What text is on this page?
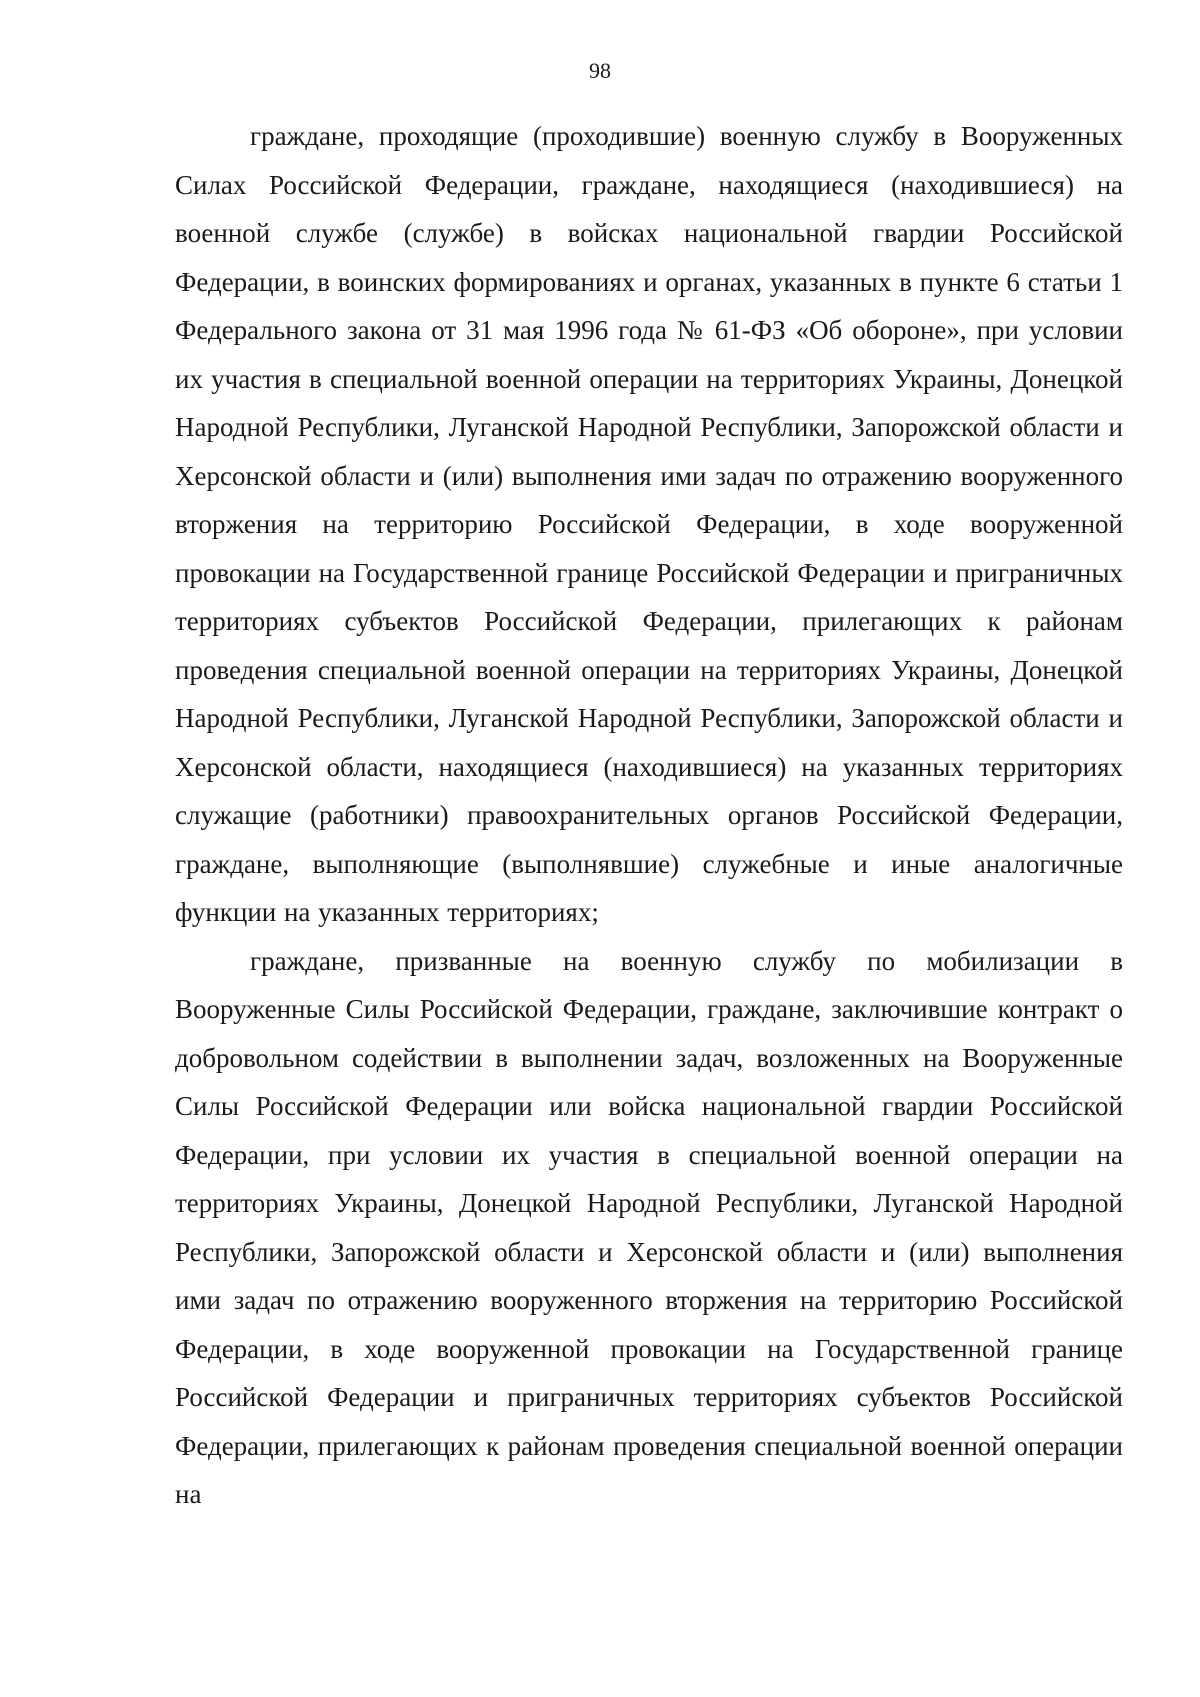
98

граждане, проходящие (проходившие) военную службу в Вооруженных Силах Российской Федерации, граждане, находящиеся (находившиеся) на военной службе (службе) в войсках национальной гвардии Российской Федерации, в воинских формированиях и органах, указанных в пункте 6 статьи 1 Федерального закона от 31 мая 1996 года № 61-ФЗ «Об обороне», при условии их участия в специальной военной операции на территориях Украины, Донецкой Народной Республики, Луганской Народной Республики, Запорожской области и Херсонской области и (или) выполнения ими задач по отражению вооруженного вторжения на территорию Российской Федерации, в ходе вооруженной провокации на Государственной границе Российской Федерации и приграничных территориях субъектов Российской Федерации, прилегающих к районам проведения специальной военной операции на территориях Украины, Донецкой Народной Республики, Луганской Народной Республики, Запорожской области и Херсонской области, находящиеся (находившиеся) на указанных территориях служащие (работники) правоохранительных органов Российской Федерации, граждане, выполняющие (выполнявшие) служебные и иные аналогичные функции на указанных территориях;

граждане, призванные на военную службу по мобилизации в Вооруженные Силы Российской Федерации, граждане, заключившие контракт о добровольном содействии в выполнении задач, возложенных на Вооруженные Силы Российской Федерации или войска национальной гвардии Российской Федерации, при условии их участия в специальной военной операции на территориях Украины, Донецкой Народной Республики, Луганской Народной Республики, Запорожской области и Херсонской области и (или) выполнения ими задач по отражению вооруженного вторжения на территорию Российской Федерации, в ходе вооруженной провокации на Государственной границе Российской Федерации и приграничных территориях субъектов Российской Федерации, прилегающих к районам проведения специальной военной операции на
